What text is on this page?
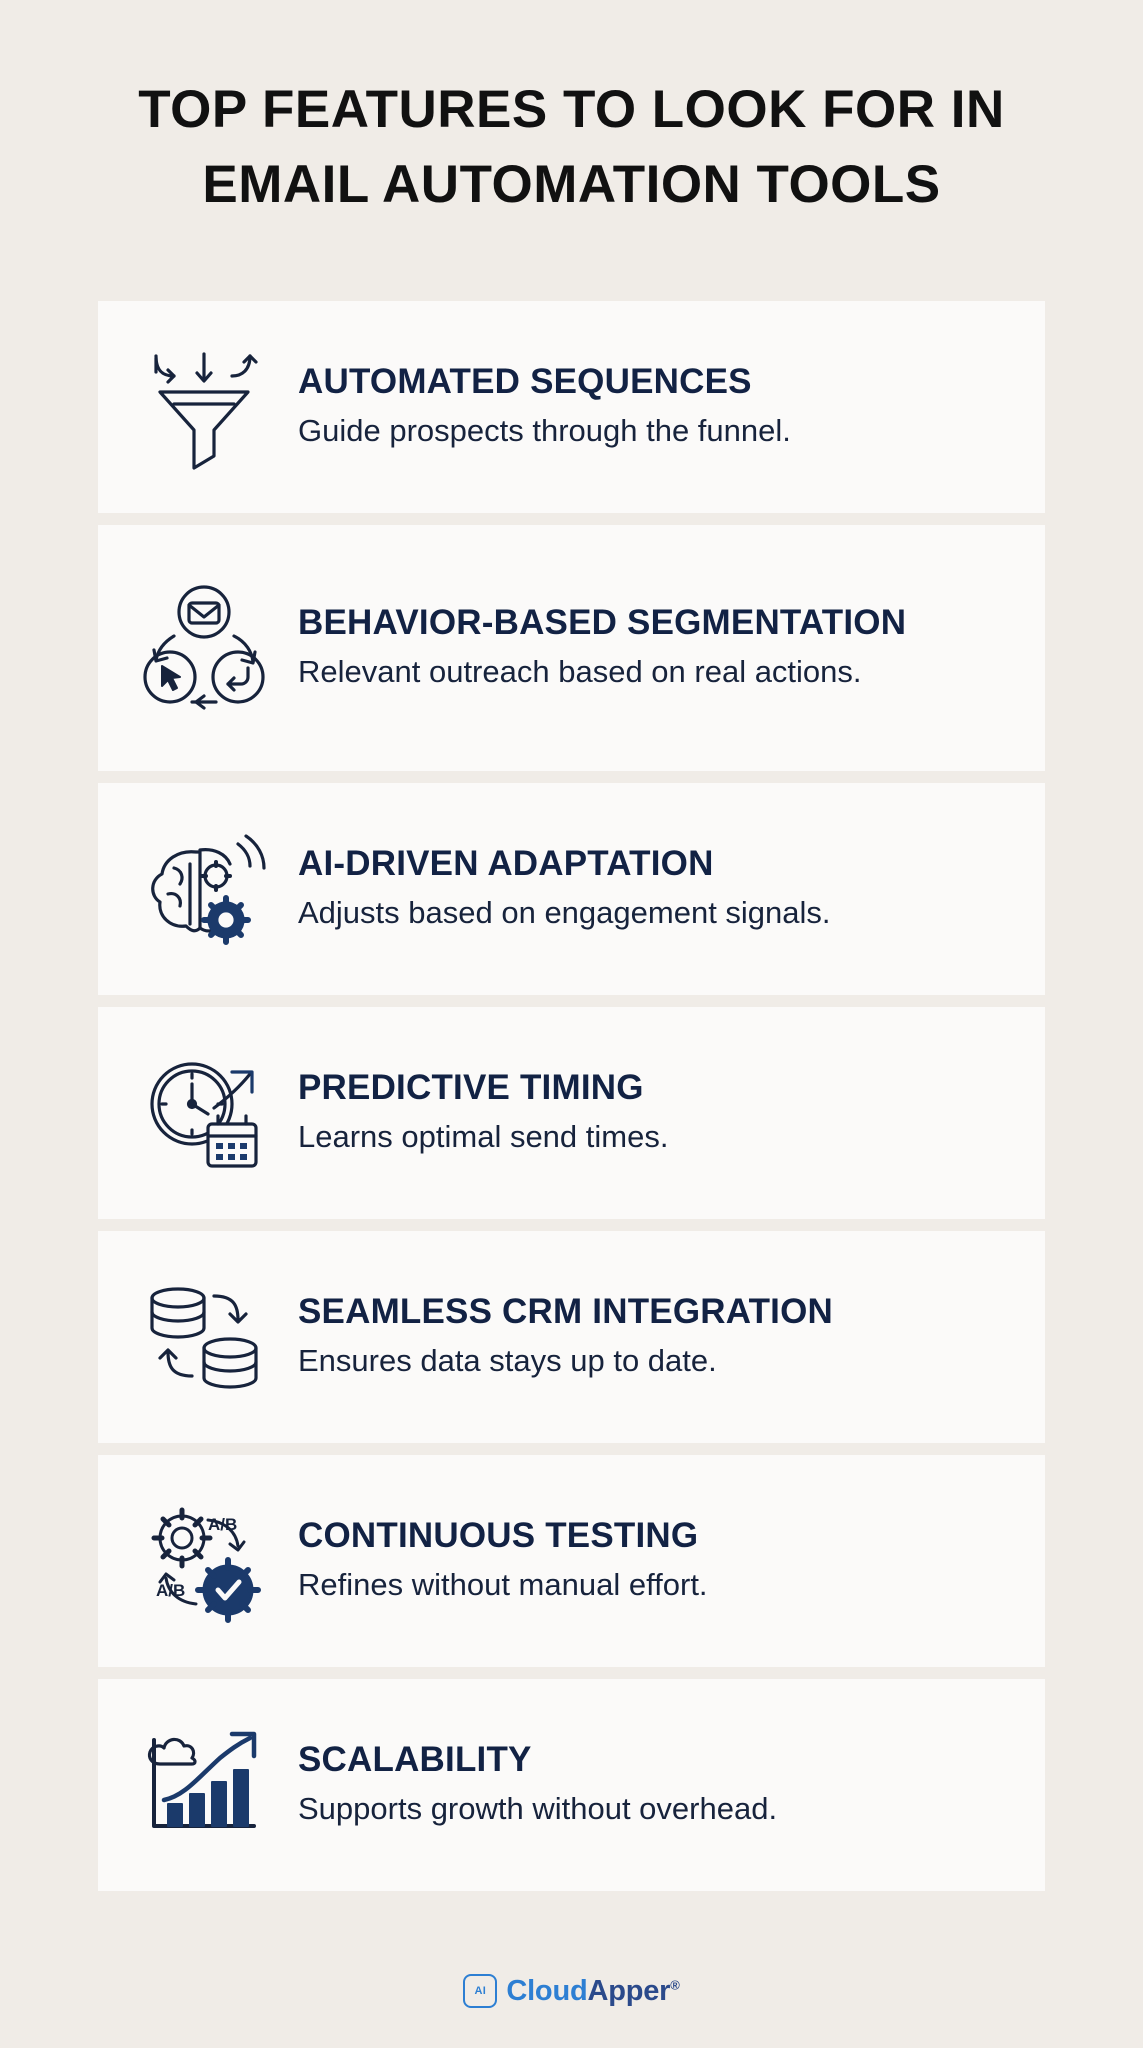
TOP FEATURES TO LOOK FOR IN EMAIL AUTOMATION TOOLS
AUTOMATED SEQUENCES
Guide prospects through the funnel.
BEHAVIOR-BASED SEGMENTATION
Relevant outreach based on real actions.
AI-DRIVEN ADAPTATION
Adjusts based on engagement signals.
PREDICTIVE TIMING
Learns optimal send times.
SEAMLESS CRM INTEGRATION
Ensures data stays up to date.
A/B
A/B
CONTINUOUS TESTING
Refines without manual effort.
SCALABILITY
Supports growth without overhead.
AI CloudApper®
